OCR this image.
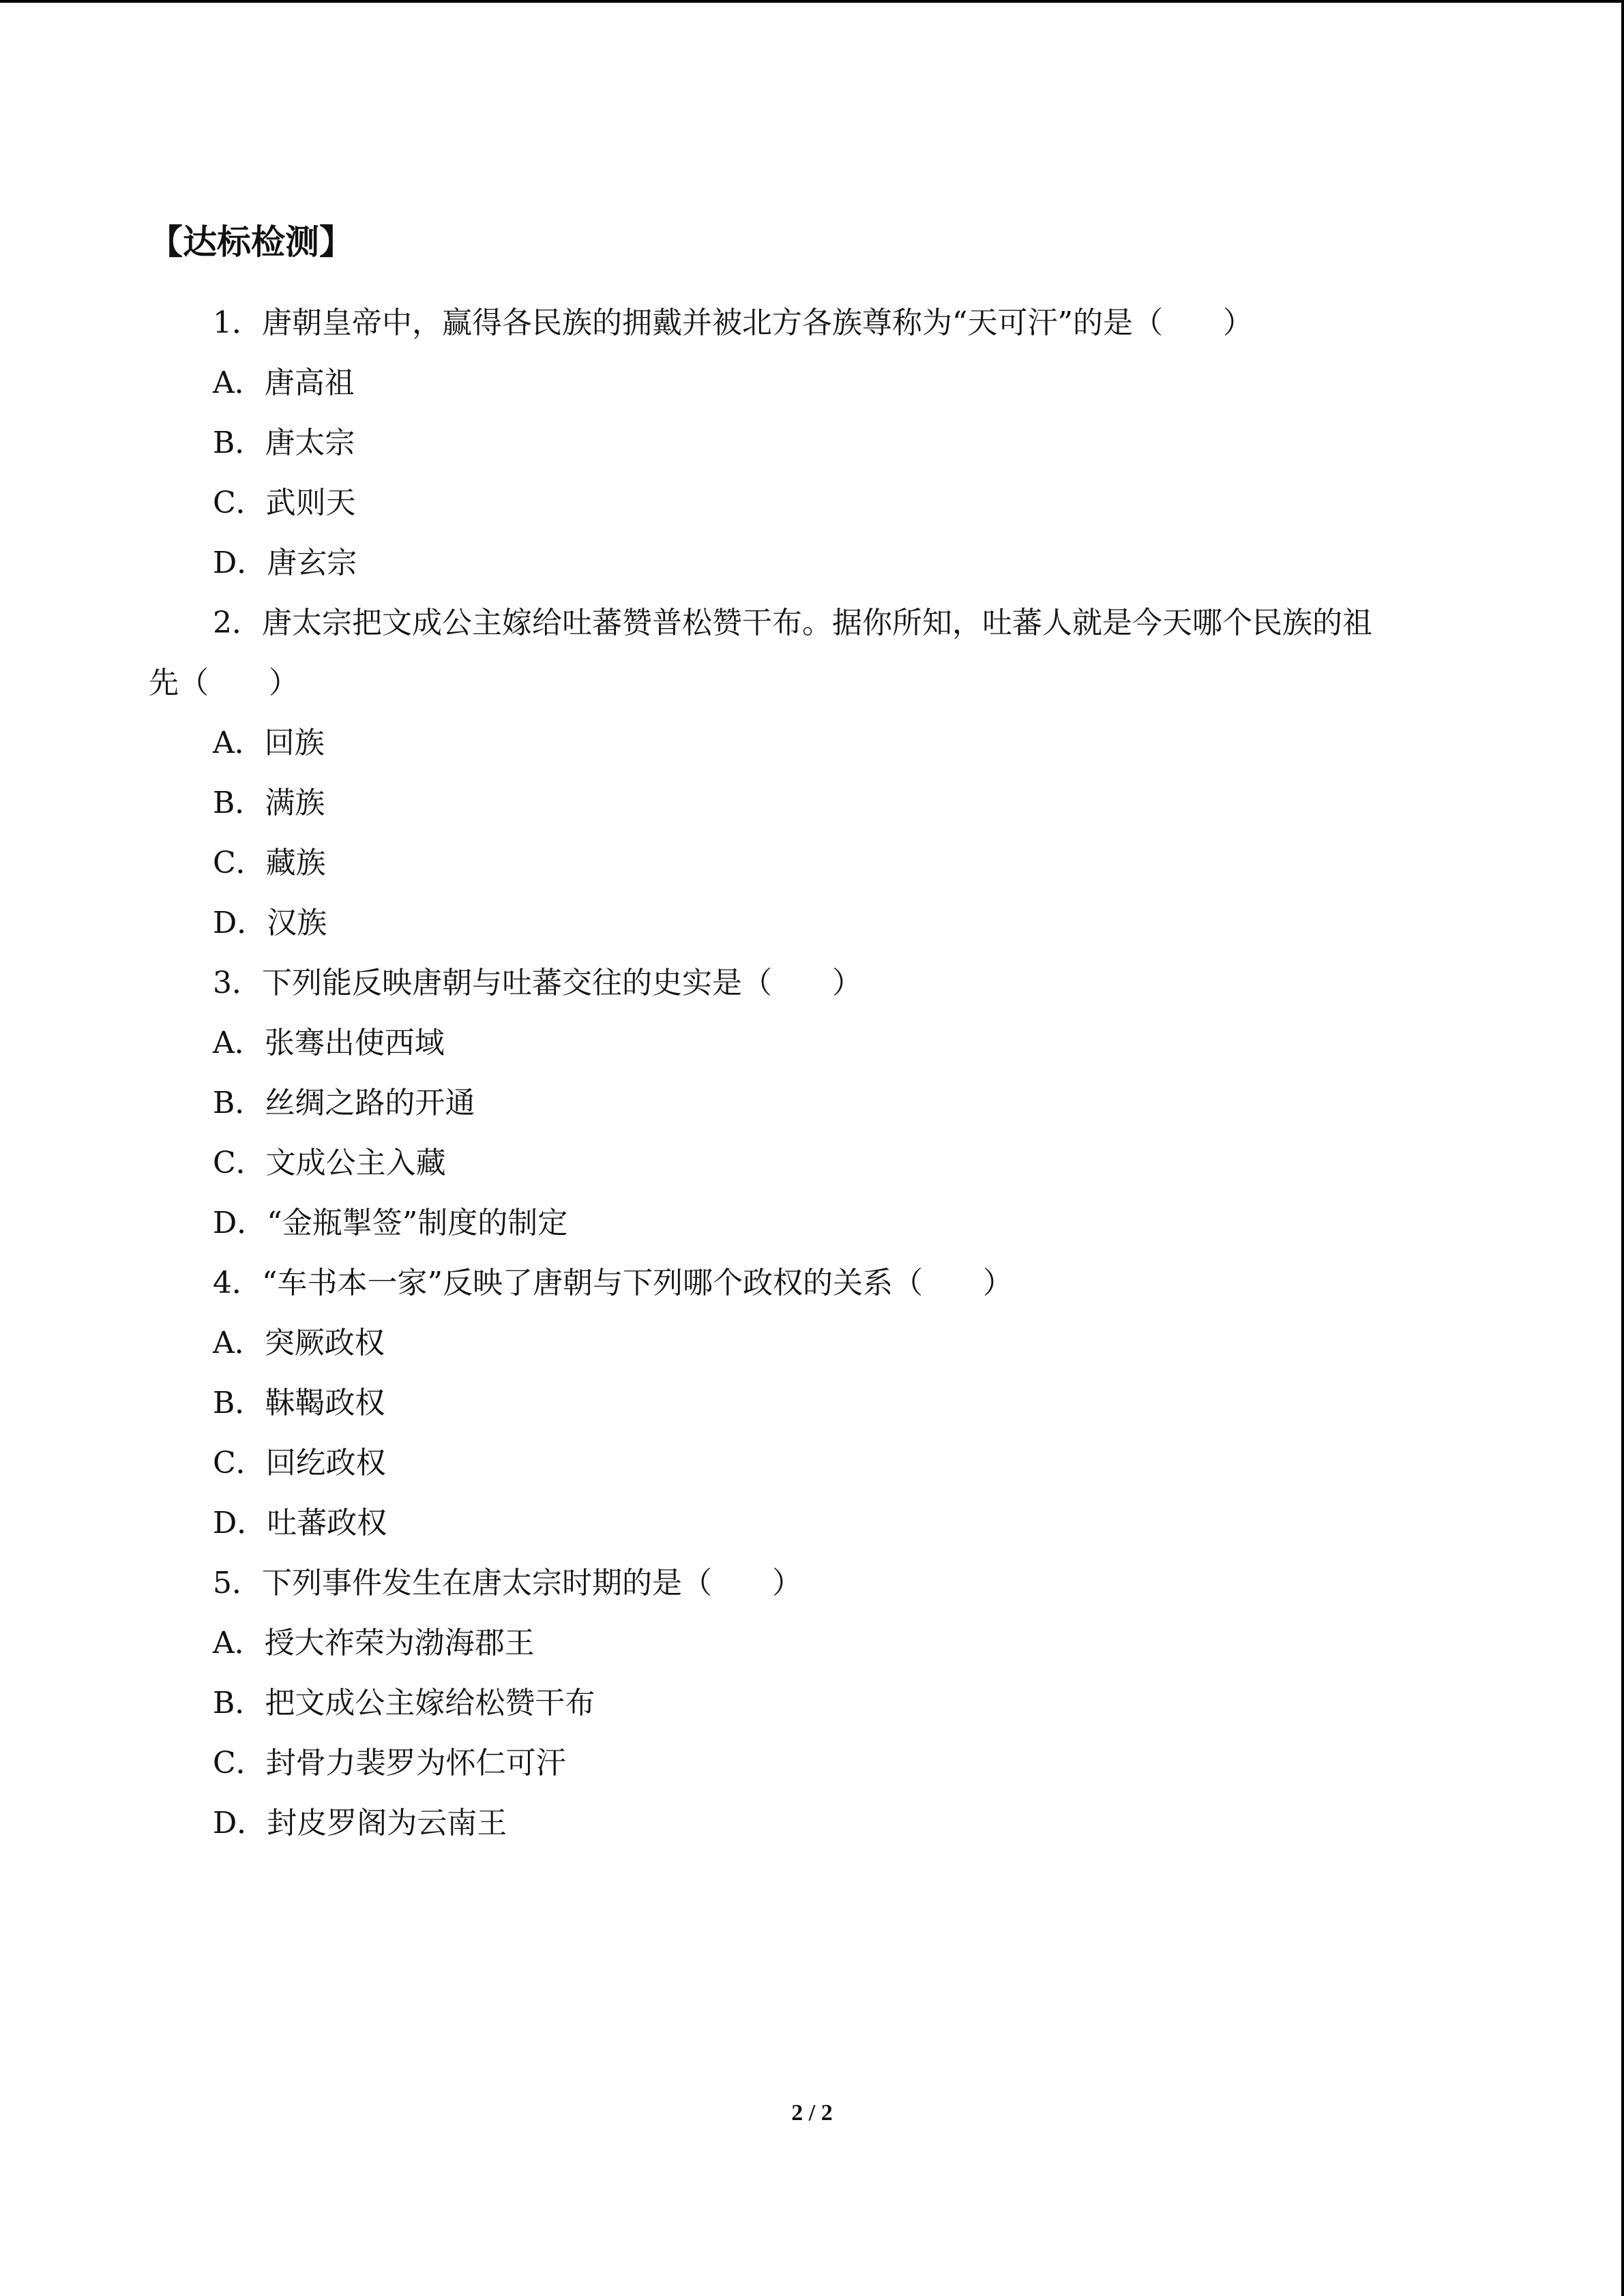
【达标检测】
1．唐朝皇帝中，赢得各民族的拥戴并被北方各族尊称为“天可汗”的是（　　）
A．唐高祖
B．唐太宗
C．武则天
D．唐玄宗
2．唐太宗把文成公主嫁给吐蕃赞普松赞干布。据你所知，吐蕃人就是今天哪个民族的祖
先（　　）
A．回族
B．满族
C．藏族
D．汉族
3．下列能反映唐朝与吐蕃交往的史实是（　　）
A．张骞出使西域
B．丝绸之路的开通
C．文成公主入藏
D．“金瓶掣签”制度的制定
4．“车书本一家”反映了唐朝与下列哪个政权的关系（　　）
A．突厥政权
B．靺鞨政权
C．回纥政权
D．吐蕃政权
5．下列事件发生在唐太宗时期的是（　　）
A．授大祚荣为渤海郡王
B．把文成公主嫁给松赞干布
C．封骨力裴罗为怀仁可汗
D．封皮罗阁为云南王
2 / 2
